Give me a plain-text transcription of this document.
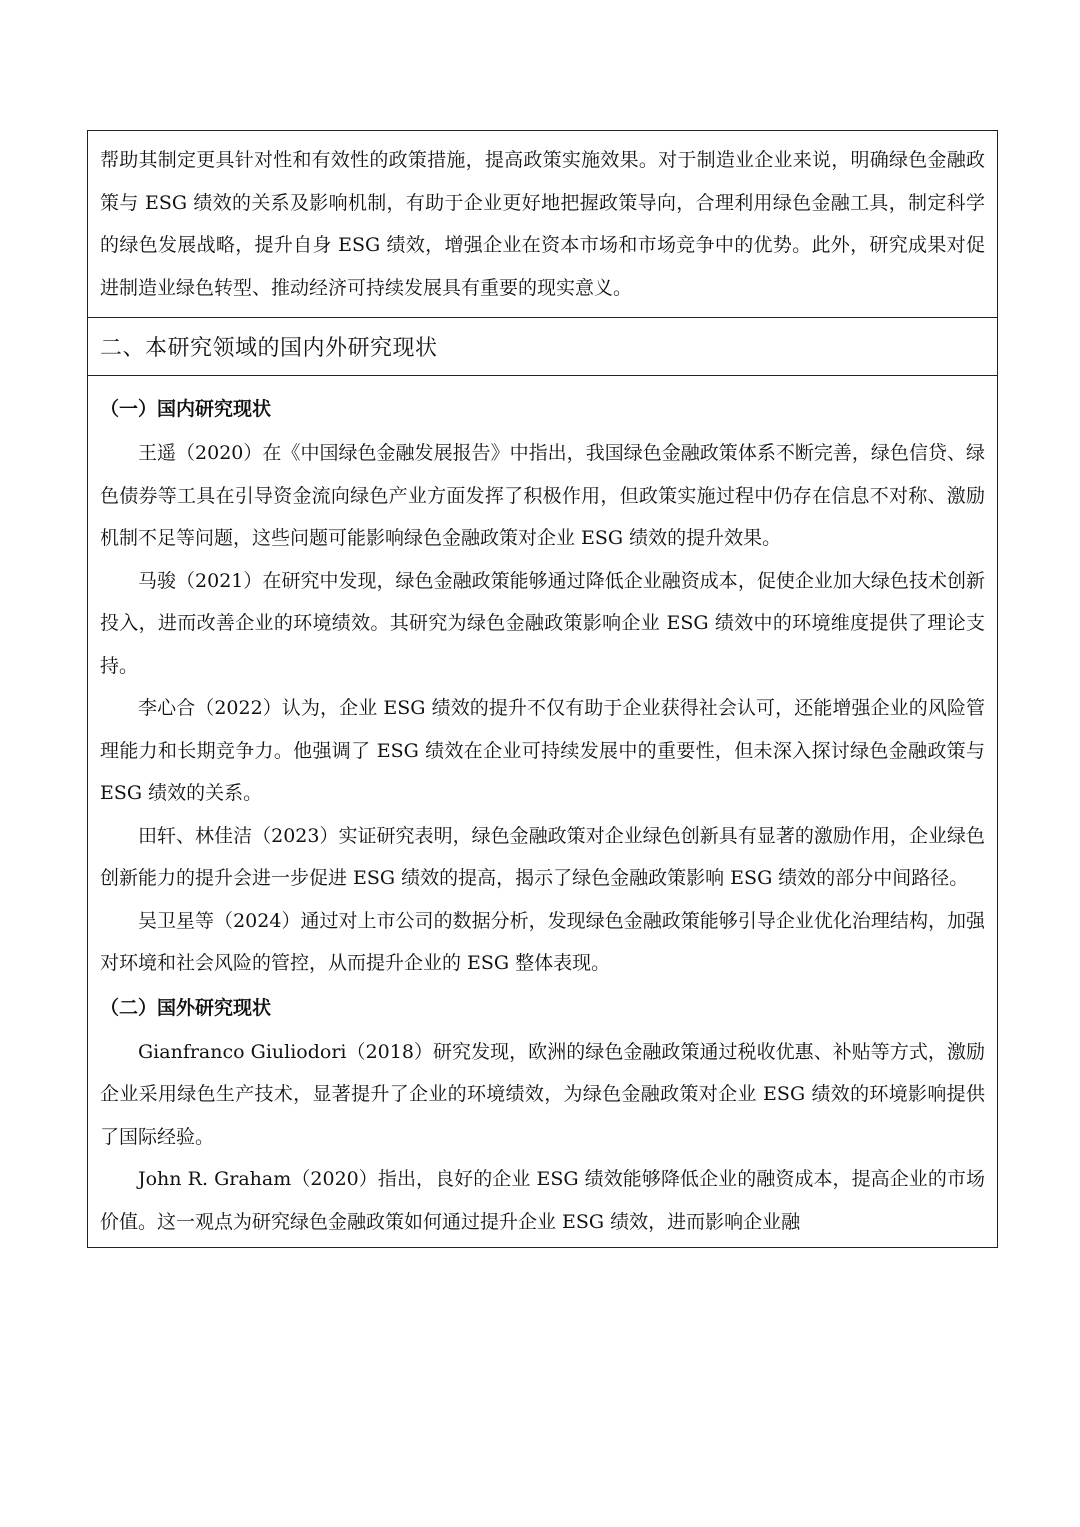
帮助其制定更具针对性和有效性的政策措施，提高政策实施效果。对于制造业企业来说，明确绿色金融政策与 ESG 绩效的关系及影响机制，有助于企业更好地把握政策导向，合理利用绿色金融工具，制定科学的绿色发展战略，提升自身 ESG 绩效，增强企业在资本市场和市场竞争中的优势。此外，研究成果对促进制造业绿色转型、推动经济可持续发展具有重要的现实意义。

二、本研究领域的国内外研究现状
（一）国内研究现状

王遥（2020）在《中国绿色金融发展报告》中指出，我国绿色金融政策体系不断完善，绿色信贷、绿色债券等工具在引导资金流向绿色产业方面发挥了积极作用，但政策实施过程中仍存在信息不对称、激励机制不足等问题，这些问题可能影响绿色金融政策对企业 ESG 绩效的提升效果。

马骏（2021）在研究中发现，绿色金融政策能够通过降低企业融资成本，促使企业加大绿色技术创新投入，进而改善企业的环境绩效。其研究为绿色金融政策影响企业 ESG 绩效中的环境维度提供了理论支持。

李心合（2022）认为，企业 ESG 绩效的提升不仅有助于企业获得社会认可，还能增强企业的风险管理能力和长期竞争力。他强调了 ESG 绩效在企业可持续发展中的重要性，但未深入探讨绿色金融政策与 ESG 绩效的关系。

田轩、林佳洁（2023）实证研究表明，绿色金融政策对企业绿色创新具有显著的激励作用，企业绿色创新能力的提升会进一步促进 ESG 绩效的提高，揭示了绿色金融政策影响 ESG 绩效的部分中间路径。

吴卫星等（2024）通过对上市公司的数据分析，发现绿色金融政策能够引导企业优化治理结构，加强对环境和社会风险的管控，从而提升企业的 ESG 整体表现。

（二）国外研究现状

Gianfranco Giuliodori（2018）研究发现，欧洲的绿色金融政策通过税收优惠、补贴等方式，激励企业采用绿色生产技术，显著提升了企业的环境绩效，为绿色金融政策对企业 ESG 绩效的环境影响提供了国际经验。

John R. Graham（2020）指出，良好的企业 ESG 绩效能够降低企业的融资成本，提高企业的市场价值。这一观点为研究绿色金融政策如何通过提升企业 ESG 绩效，进而影响企业融
